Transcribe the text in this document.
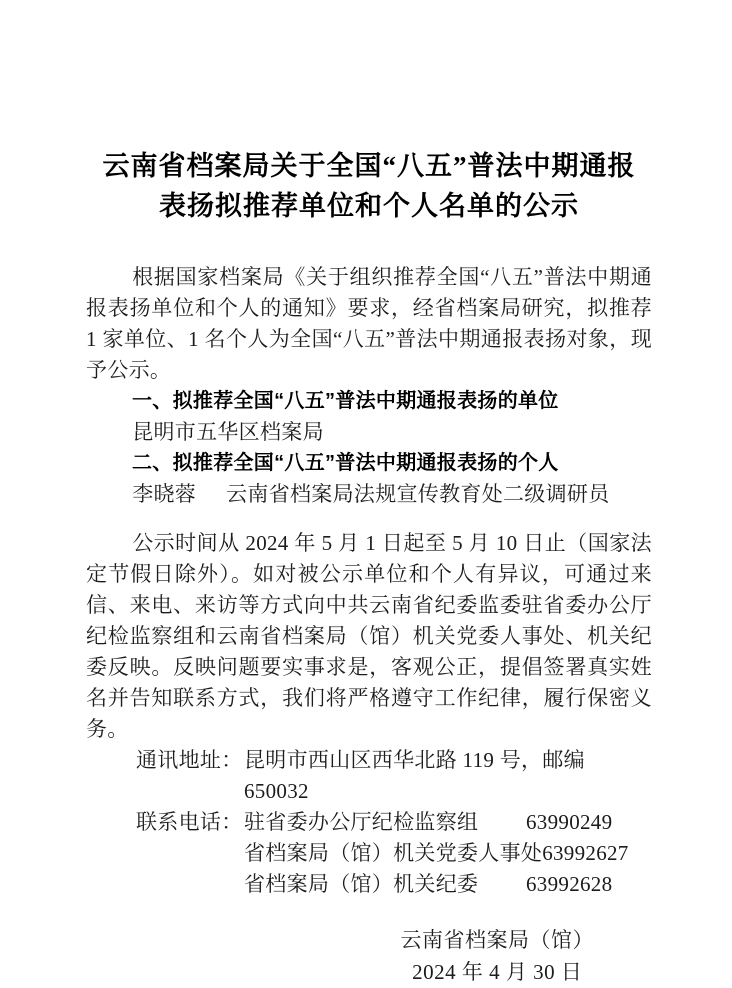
云南省档案局关于全国“八五”普法中期通报
表扬拟推荐单位和个人名单的公示

根据国家档案局《关于组织推荐全国“八五”普法中期通报表扬单位和个人的通知》要求，经省档案局研究，拟推荐 1 家单位、1 名个人为全国“八五”普法中期通报表扬对象，现予公示。

一、拟推荐全国“八五”普法中期通报表扬的单位

昆明市五华区档案局

二、拟推荐全国“八五”普法中期通报表扬的个人

李晓蓉 云南省档案局法规宣传教育处二级调研员

公示时间从 2024 年 5 月 1 日起至 5 月 10 日止（国家法定节假日除外）。如对被公示单位和个人有异议，可通过来信、来电、来访等方式向中共云南省纪委监委驻省委办公厅纪检监察组和云南省档案局（馆）机关党委人事处、机关纪委反映。反映问题要实事求是，客观公正，提倡签署真实姓名并告知联系方式，我们将严格遵守工作纪律，履行保密义务。

通讯地址： 昆明市西山区西华北路 119 号，邮编 650032
联系电话： 驻省委办公厅纪检监察组	63990249
省档案局（馆）机关党委人事处 63992627
省档案局（馆）机关纪委	63992628
云南省档案局（馆）
2024 年 4 月 30 日
